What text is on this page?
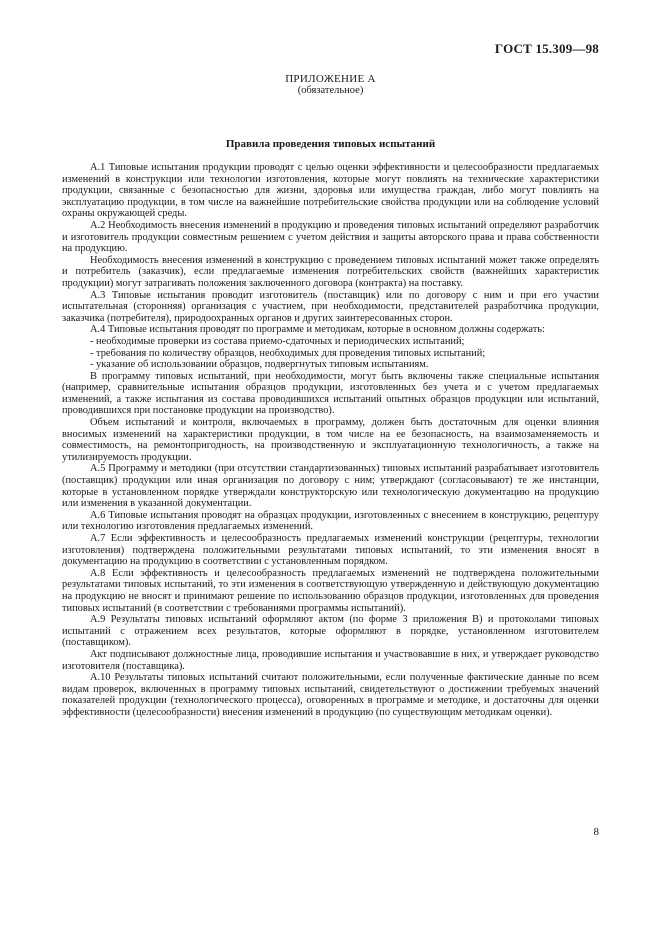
ГОСТ 15.309—98
ПРИЛОЖЕНИЕ А
(обязательное)
Правила проведения типовых испытаний

А.1 Типовые испытания продукции проводят с целью оценки эффективности и целесообразности предлагаемых изменений в конструкции или технологии изготовления, которые могут повлиять на технические характеристики продукции, связанные с безопасностью для жизни, здоровья или имущества граждан, либо могут повлиять на эксплуатацию продукции, в том числе на важнейшие потребительские свойства продукции или на соблюдение условий охраны окружающей среды.

А.2 Необходимость внесения изменений в продукцию и проведения типовых испытаний определяют разработчик и изготовитель продукции совместным решением с учетом действия и защиты авторского права и права собственности на продукцию.

Необходимость внесения изменений в конструкцию с проведением типовых испытаний может также определять и потребитель (заказчик), если предлагаемые изменения потребительских свойств (важнейших характеристик продукции) могут затрагивать положения заключенного договора (контракта) на поставку.

А.3 Типовые испытания проводит изготовитель (поставщик) или по договору с ним и при его участии испытательная (сторонняя) организация с участием, при необходимости, представителей разработчика продукции, заказчика (потребителя), природоохранных органов и других заинтересованных сторон.

А.4 Типовые испытания проводят по программе и методикам, которые в основном должны содержать:

- необходимые проверки из состава приемо-сдаточных и периодических испытаний;

- требования по количеству образцов, необходимых для проведения типовых испытаний;

- указание об использовании образцов, подвергнутых типовым испытаниям.

В программу типовых испытаний, при необходимости, могут быть включены также специальные испытания (например, сравнительные испытания образцов продукции, изготовленных без учета и с учетом предлагаемых изменений, а также испытания из состава проводившихся испытаний опытных образцов продукции или испытаний, проводившихся при постановке продукции на производство).

Объем испытаний и контроля, включаемых в программу, должен быть достаточным для оценки влияния вносимых изменений на характеристики продукции, в том числе на ее безопасность, на взаимозаменяемость и совместимость, на ремонтопригодность, на производственную и эксплуатационную технологичность, а также на утилизируемость продукции.

А.5 Программу и методики (при отсутствии стандартизованных) типовых испытаний разрабатывает изготовитель (поставщик) продукции или иная организация по договору с ним; утверждают (согласовывают) те же инстанции, которые в установленном порядке утверждали конструкторскую или технологическую документацию на продукцию или изменения в указанной документации.

А.6 Типовые испытания проводят на образцах продукции, изготовленных с внесением в конструкцию, рецептуру или технологию изготовления предлагаемых изменений.

А.7 Если эффективность и целесообразность предлагаемых изменений конструкции (рецептуры, технологии изготовления) подтверждена положительными результатами типовых испытаний, то эти изменения вносят в документацию на продукцию в соответствии с установленным порядком.

А.8 Если эффективность и целесообразность предлагаемых изменений не подтверждена положительными результатами типовых испытаний, то эти изменения в соответствующую утвержденную и действующую документацию на продукцию не вносят и принимают решение по использованию образцов продукции, изготовленных для проведения типовых испытаний (в соответствии с требованиями программы испытаний).

А.9 Результаты типовых испытаний оформляют актом (по форме 3 приложения В) и протоколами типовых испытаний с отражением всех результатов, которые оформляют в порядке, установленном изготовителем (поставщиком).

Акт подписывают должностные лица, проводившие испытания и участвовавшие в них, и утверждает руководство изготовителя (поставщика).

А.10 Результаты типовых испытаний считают положительными, если полученные фактические данные по всем видам проверок, включенных в программу типовых испытаний, свидетельствуют о достижении требуемых значений показателей продукции (технологического процесса), оговоренных в программе и методике, и достаточны для оценки эффективности (целесообразности) внесения изменений в продукцию (по существующим методикам оценки).

8
